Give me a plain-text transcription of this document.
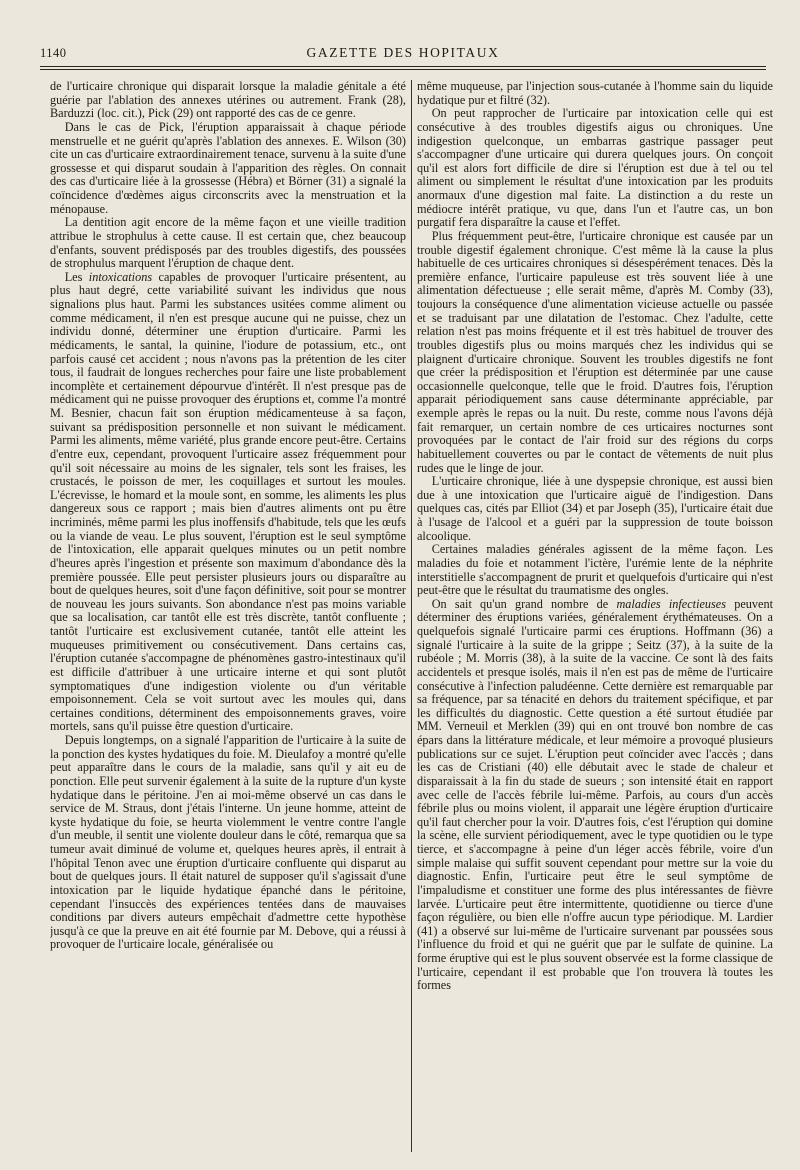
1140	GAZETTE DES HOPITAUX

de l'urticaire chronique qui disparait lorsque la maladie génitale a été guérie par l'ablation des annexes utérines ou autrement. Frank (28), Barduzzi (loc. cit.), Pick (29) ont rapporté des cas de ce genre.

Dans le cas de Pick, l'éruption apparaissait à chaque période menstruelle et ne guérit qu'après l'ablation des annexes. E. Wilson (30) cite un cas d'urticaire extraordinairement tenace, survenu à la suite d'une grossesse et qui disparut soudain à l'apparition des règles. On connait des cas d'urticaire liée à la grossesse (Hébra) et Börner (31) a signalé la coïncidence d'œdèmes aigus circonscrits avec la menstruation et la ménopause.

La dentition agit encore de la même façon et une vieille tradition attribue le strophulus à cette cause. Il est certain que, chez beaucoup d'enfants, souvent prédisposés par des troubles digestifs, des poussées de strophulus marquent l'éruption de chaque dent.

Les intoxications capables de provoquer l'urticaire présentent, au plus haut degré, cette variabilité suivant les individus que nous signalions plus haut. Parmi les substances usitées comme aliment ou comme médicament, il n'en est presque aucune qui ne puisse, chez un individu donné, déterminer une éruption d'urticaire. Parmi les médicaments, le santal, la quinine, l'iodure de potassium, etc., ont parfois causé cet accident ; nous n'avons pas la prétention de les citer tous, il faudrait de longues recherches pour faire une liste probablement incomplète et certainement dépourvue d'intérêt. Il n'est presque pas de médicament qui ne puisse provoquer des éruptions et, comme l'a montré M. Besnier, chacun fait son éruption médicamenteuse à sa façon, suivant sa prédisposition personnelle et non suivant le médicament. Parmi les aliments, même variété, plus grande encore peut-être. Certains d'entre eux, cependant, provoquent l'urticaire assez fréquemment pour qu'il soit nécessaire au moins de les signaler, tels sont les fraises, les crustacés, le poisson de mer, les coquillages et surtout les moules. L'écrevisse, le homard et la moule sont, en somme, les aliments les plus dangereux sous ce rapport ; mais bien d'autres aliments ont pu être incriminés, même parmi les plus inoffensifs d'habitude, tels que les œufs ou la viande de veau. Le plus souvent, l'éruption est le seul symptôme de l'intoxication, elle apparait quelques minutes ou un petit nombre d'heures après l'ingestion et présente son maximum d'abondance dès la première poussée. Elle peut persister plusieurs jours ou disparaître au bout de quelques heures, soit d'une façon définitive, soit pour se montrer de nouveau les jours suivants. Son abondance n'est pas moins variable que sa localisation, car tantôt elle est très discrète, tantôt confluente ; tantôt l'urticaire est exclusivement cutanée, tantôt elle atteint les muqueuses primitivement ou consécutivement. Dans certains cas, l'éruption cutanée s'accompagne de phénomènes gastro-intestinaux qu'il est difficile d'attribuer à une urticaire interne et qui sont plutôt symptomatiques d'une indigestion violente ou d'un véritable empoisonnement. Cela se voit surtout avec les moules qui, dans certaines conditions, déterminent des empoisonnements graves, voire mortels, sans qu'il puisse être question d'urticaire.

Depuis longtemps, on a signalé l'apparition de l'urticaire à la suite de la ponction des kystes hydatiques du foie. M. Dieulafoy a montré qu'elle peut apparaître dans le cours de la maladie, sans qu'il y ait eu de ponction. Elle peut survenir également à la suite de la rupture d'un kyste hydatique dans le péritoine. J'en ai moi-même observé un cas dans le service de M. Straus, dont j'étais l'interne. Un jeune homme, atteint de kyste hydatique du foie, se heurta violemment le ventre contre l'angle d'un meuble, il sentit une violente douleur dans le côté, remarqua que sa tumeur avait diminué de volume et, quelques heures après, il entrait à l'hôpital Tenon avec une éruption d'urticaire confluente qui disparut au bout de quelques jours. Il était naturel de supposer qu'il s'agissait d'une intoxication par le liquide hydatique épanché dans le péritoine, cependant l'insuccès des expériences tentées dans de mauvaises conditions par divers auteurs empêchait d'admettre cette hypothèse jusqu'à ce que la preuve en ait été fournie par M. Debove, qui a réussi à provoquer de l'urticaire locale, généralisée ou

même muqueuse, par l'injection sous-cutanée à l'homme sain du liquide hydatique pur et filtré (32).

On peut rapprocher de l'urticaire par intoxication celle qui est consécutive à des troubles digestifs aigus ou chroniques. Une indigestion quelconque, un embarras gastrique passager peut s'accompagner d'une urticaire qui durera quelques jours. On conçoit qu'il est alors fort difficile de dire si l'éruption est due à tel ou tel aliment ou simplement le résultat d'une intoxication par les produits anormaux d'une digestion mal faite. La distinction a du reste un médiocre intérêt pratique, vu que, dans l'un et l'autre cas, un bon purgatif fera disparaître la cause et l'effet.

Plus fréquemment peut-être, l'urticaire chronique est causée par un trouble digestif également chronique. C'est même là la cause la plus habituelle de ces urticaires chroniques si désespérément tenaces. Dès la première enfance, l'urticaire papuleuse est très souvent liée à une alimentation défectueuse ; elle serait même, d'après M. Comby (33), toujours la conséquence d'une alimentation vicieuse actuelle ou passée et se traduisant par une dilatation de l'estomac. Chez l'adulte, cette relation n'est pas moins fréquente et il est très habituel de trouver des troubles digestifs plus ou moins marqués chez les individus qui se plaignent d'urticaire chronique. Souvent les troubles digestifs ne font que créer la prédisposition et l'éruption est déterminée par une cause occasionnelle quelconque, telle que le froid. D'autres fois, l'éruption apparait périodiquement sans cause déterminante appréciable, par exemple après le repas ou la nuit. Du reste, comme nous l'avons déjà fait remarquer, un certain nombre de ces urticaires nocturnes sont provoquées par le contact de l'air froid sur des régions du corps habituellement couvertes ou par le contact de vêtements de nuit plus rudes que le linge de jour.

L'urticaire chronique, liée à une dyspepsie chronique, est aussi bien due à une intoxication que l'urticaire aiguë de l'indigestion. Dans quelques cas, cités par Elliot (34) et par Joseph (35), l'urticaire était due à l'usage de l'alcool et a guéri par la suppression de toute boisson alcoolique.

Certaines maladies générales agissent de la même façon. Les maladies du foie et notamment l'ictère, l'urémie lente de la néphrite interstitielle s'accompagnent de prurit et quelquefois d'urticaire qui n'est peut-être que le résultat du traumatisme des ongles.

On sait qu'un grand nombre de maladies infectieuses peuvent déterminer des éruptions variées, généralement érythémateuses. On a quelquefois signalé l'urticaire parmi ces éruptions. Hoffmann (36) a signalé l'urticaire à la suite de la grippe ; Seitz (37), à la suite de la rubéole ; M. Morris (38), à la suite de la vaccine. Ce sont là des faits accidentels et presque isolés, mais il n'en est pas de même de l'urticaire consécutive à l'infection paludéenne. Cette dernière est remarquable par sa fréquence, par sa ténacité en dehors du traitement spécifique, et par les difficultés du diagnostic. Cette question a été surtout étudiée par MM. Verneuil et Merklen (39) qui en ont trouvé bon nombre de cas épars dans la littérature médicale, et leur mémoire a provoqué plusieurs publications sur ce sujet. L'éruption peut coïncider avec l'accès ; dans les cas de Cristiani (40) elle débutait avec le stade de chaleur et disparaissait à la fin du stade de sueurs ; son intensité était en rapport avec celle de l'accès fébrile lui-même. Parfois, au cours d'un accès fébrile plus ou moins violent, il apparait une légère éruption d'urticaire qu'il faut chercher pour la voir. D'autres fois, c'est l'éruption qui domine la scène, elle survient périodiquement, avec le type quotidien ou le type tierce, et s'accompagne à peine d'un léger accès fébrile, voire d'un simple malaise qui suffit souvent cependant pour mettre sur la voie du diagnostic. Enfin, l'urticaire peut être le seul symptôme de l'impaludisme et constituer une forme des plus intéressantes de fièvre larvée. L'urticaire peut être intermittente, quotidienne ou tierce d'une façon régulière, ou bien elle n'offre aucun type périodique. M. Lardier (41) a observé sur lui-même de l'urticaire survenant par poussées sous l'influence du froid et qui ne guérit que par le sulfate de quinine. La forme éruptive qui est le plus souvent observée est la forme classique de l'urticaire, cependant il est probable que l'on trouvera là toutes les formes
